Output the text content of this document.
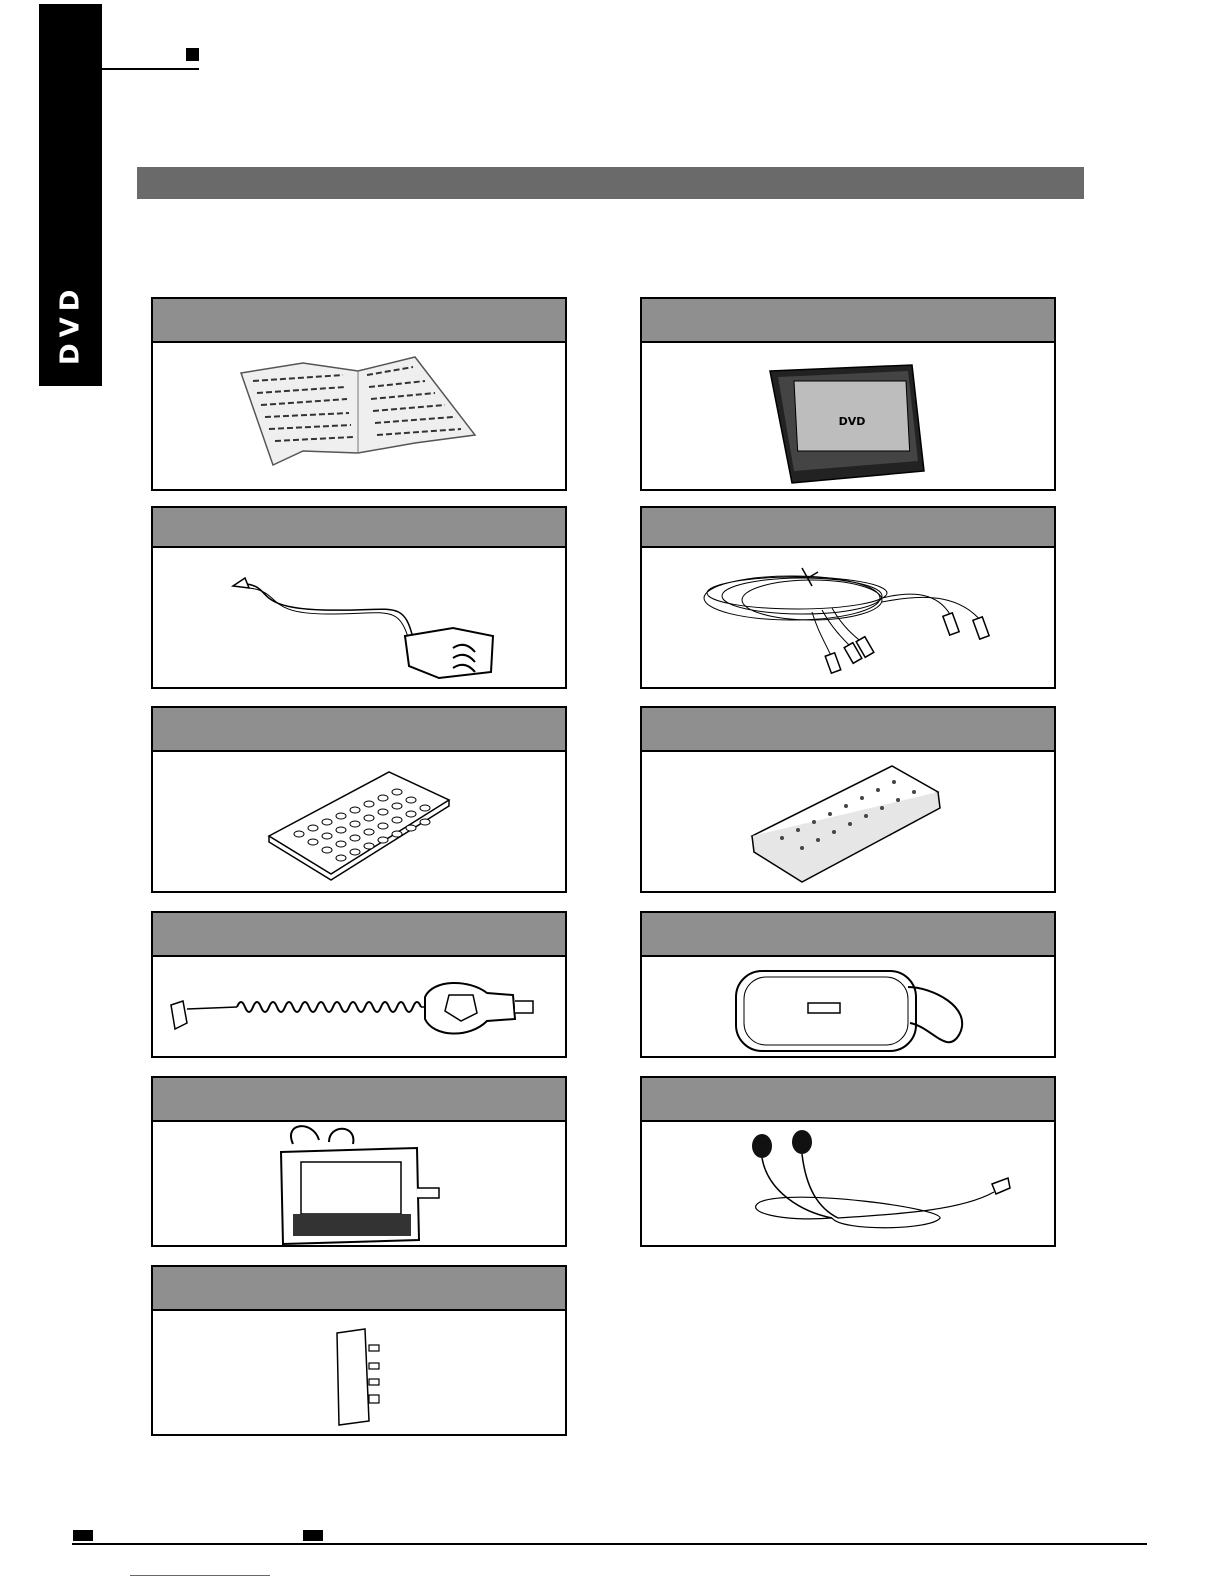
DVD
DVD
